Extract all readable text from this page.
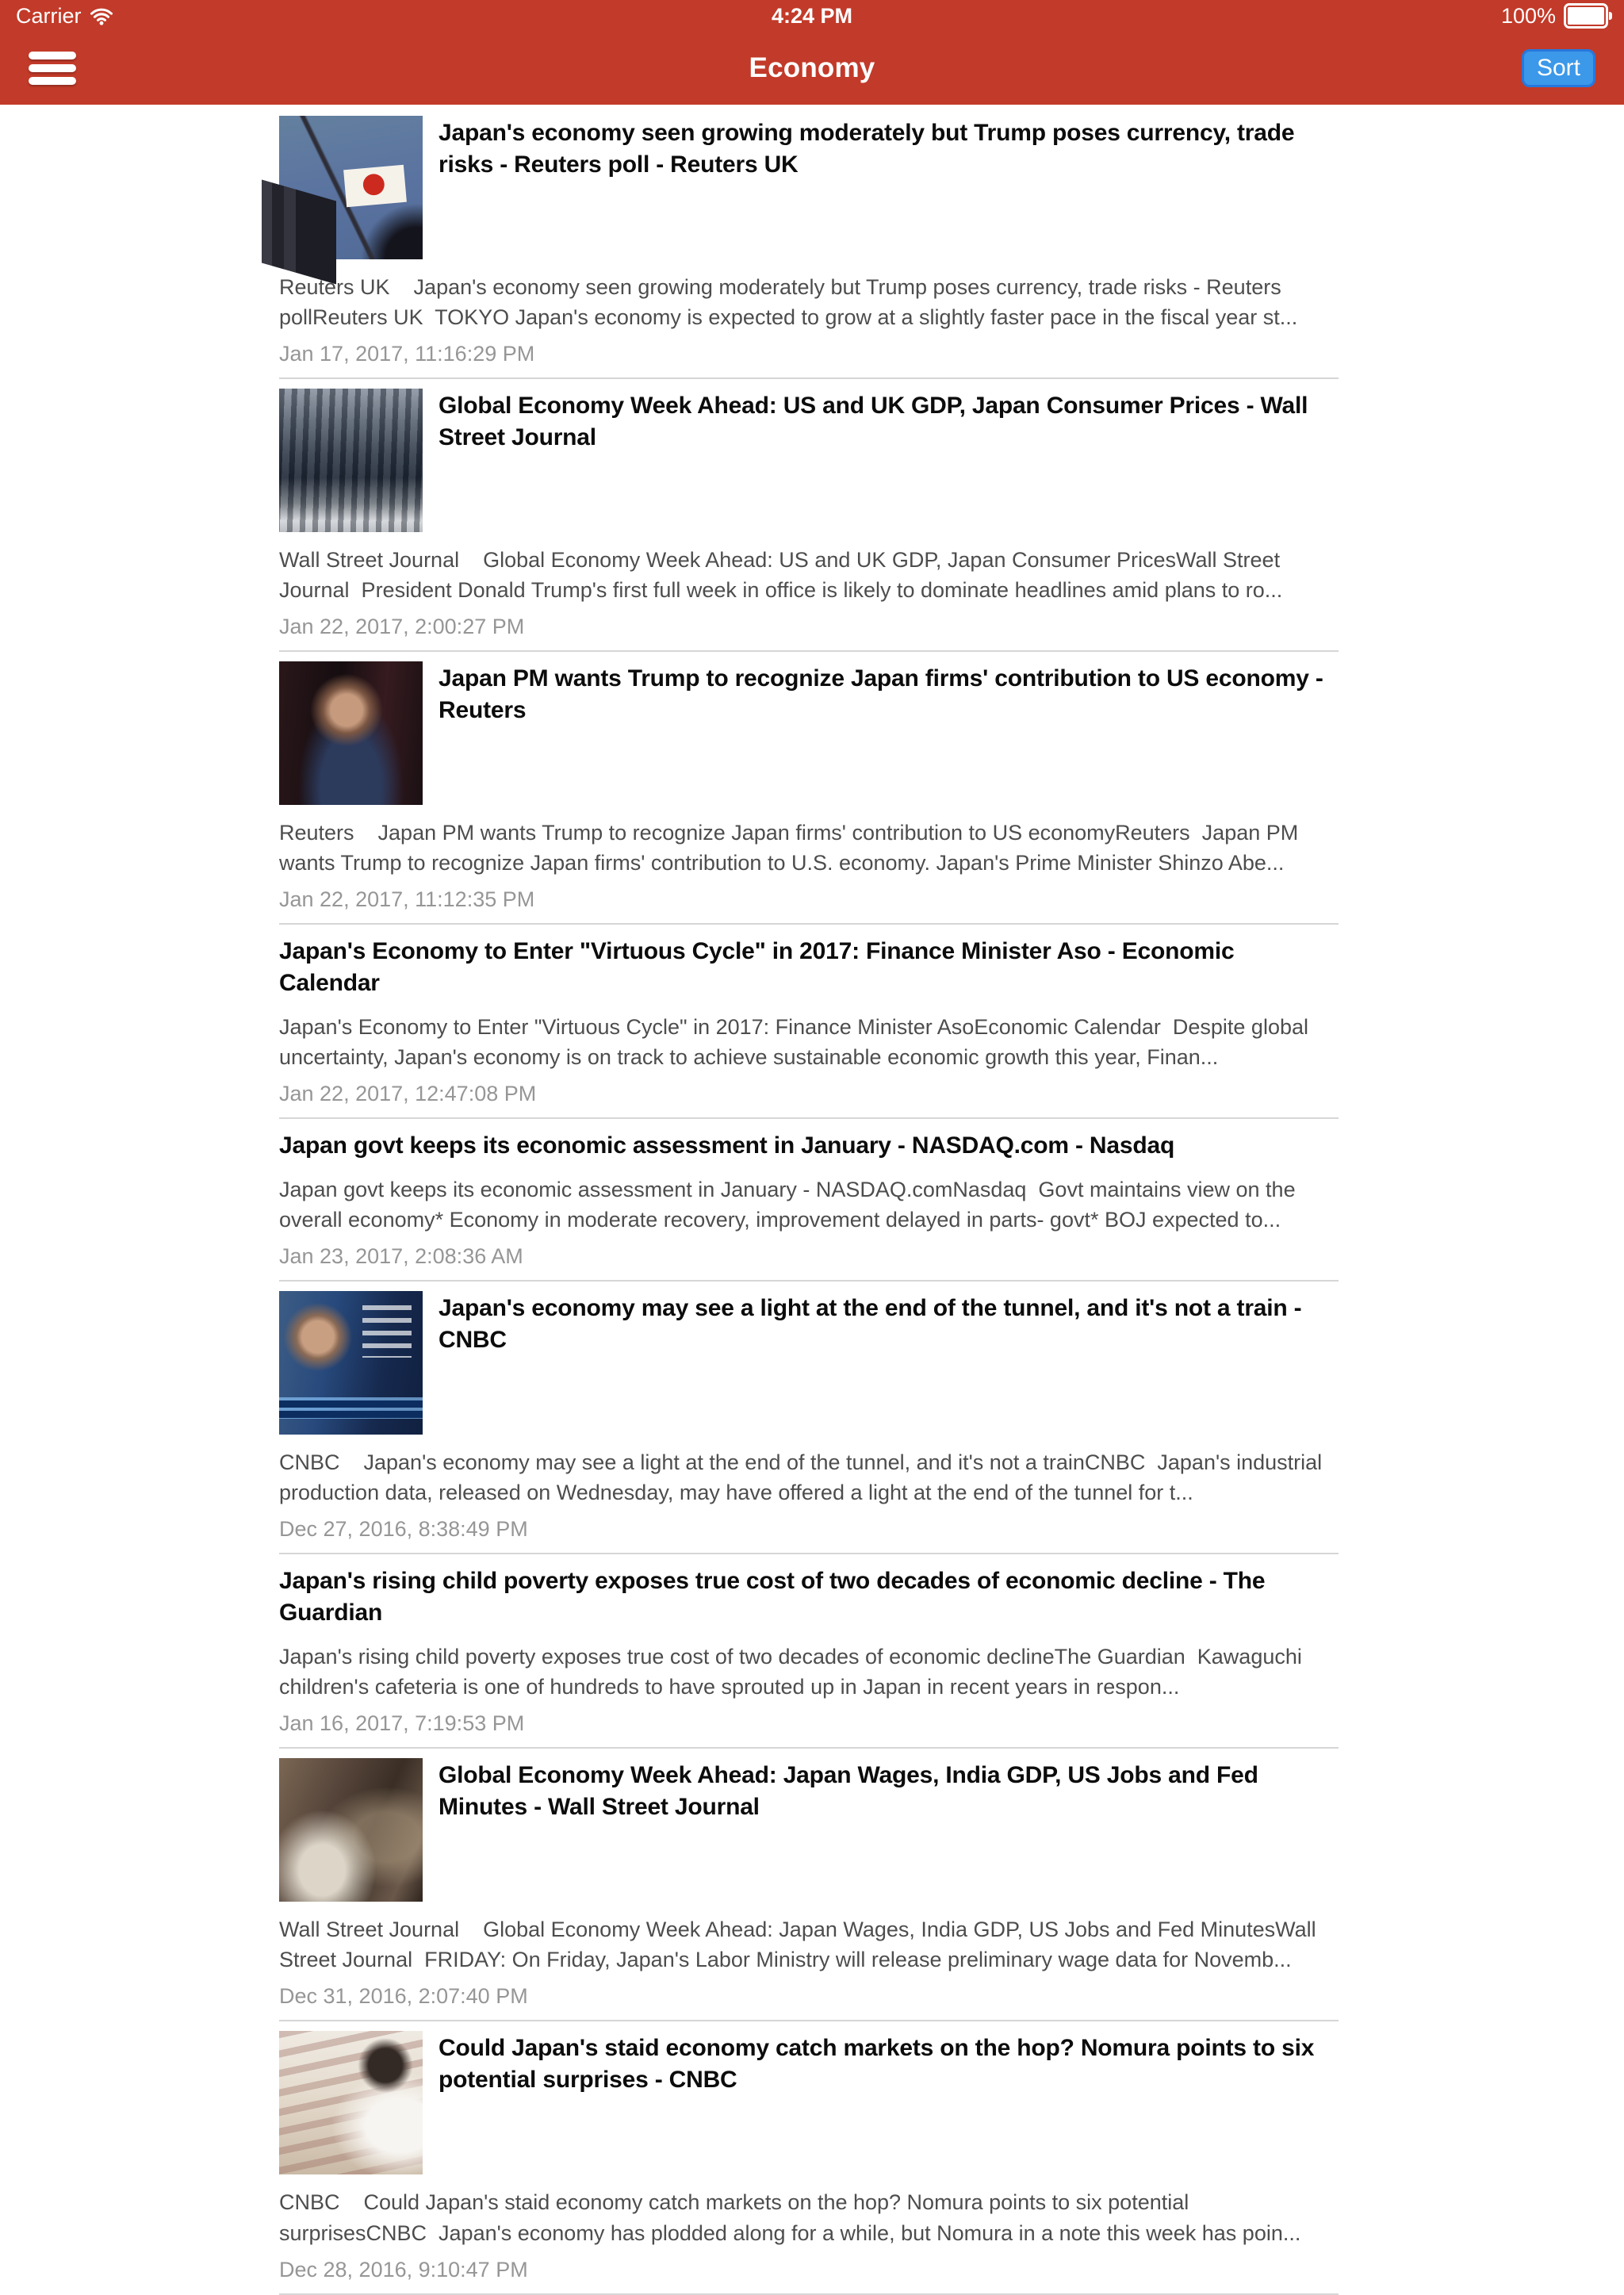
Carrier	4:24 PM	100%
Economy	Sort
Japan's economy seen growing moderately but Trump poses currency, trade risks - Reuters poll - Reuters UK

Reuters UK    Japan's economy seen growing moderately but Trump poses currency, trade risks - Reuters pollReuters UK  TOKYO Japan's economy is expected to grow at a slightly faster pace in the fiscal year st...

Jan 17, 2017, 11:16:29 PM
Global Economy Week Ahead: US and UK GDP, Japan Consumer Prices - Wall Street Journal

Wall Street Journal    Global Economy Week Ahead: US and UK GDP, Japan Consumer PricesWall Street Journal  President Donald Trump's first full week in office is likely to dominate headlines amid plans to ro...

Jan 22, 2017, 2:00:27 PM
Japan PM wants Trump to recognize Japan firms' contribution to US economy - Reuters

Reuters    Japan PM wants Trump to recognize Japan firms' contribution to US economyReuters  Japan PM wants Trump to recognize Japan firms' contribution to U.S. economy. Japan's Prime Minister Shinzo Abe...

Jan 22, 2017, 11:12:35 PM
Japan's Economy to Enter "Virtuous Cycle" in 2017: Finance Minister Aso - Economic Calendar

Japan's Economy to Enter "Virtuous Cycle" in 2017: Finance Minister AsoEconomic Calendar  Despite global uncertainty, Japan's economy is on track to achieve sustainable economic growth this year, Finan...

Jan 22, 2017, 12:47:08 PM
Japan govt keeps its economic assessment in January - NASDAQ.com - Nasdaq

Japan govt keeps its economic assessment in January - NASDAQ.comNasdaq  Govt maintains view on the overall economy* Economy in moderate recovery, improvement delayed in parts- govt* BOJ expected to...

Jan 23, 2017, 2:08:36 AM
Japan's economy may see a light at the end of the tunnel, and it's not a train - CNBC

CNBC    Japan's economy may see a light at the end of the tunnel, and it's not a trainCNBC  Japan's industrial production data, released on Wednesday, may have offered a light at the end of the tunnel for t...

Dec 27, 2016, 8:38:49 PM
Japan's rising child poverty exposes true cost of two decades of economic decline - The Guardian

Japan's rising child poverty exposes true cost of two decades of economic declineThe Guardian  Kawaguchi children's cafeteria is one of hundreds to have sprouted up in Japan in recent years in respon...

Jan 16, 2017, 7:19:53 PM
Global Economy Week Ahead: Japan Wages, India GDP, US Jobs and Fed Minutes - Wall Street Journal

Wall Street Journal    Global Economy Week Ahead: Japan Wages, India GDP, US Jobs and Fed MinutesWall Street Journal  FRIDAY: On Friday, Japan's Labor Ministry will release preliminary wage data for Novemb...

Dec 31, 2016, 2:07:40 PM
Could Japan's staid economy catch markets on the hop? Nomura points to six potential surprises - CNBC

CNBC    Could Japan's staid economy catch markets on the hop? Nomura points to six potential surprisesCNBC  Japan's economy has plodded along for a while, but Nomura in a note this week has poin...

Dec 28, 2016, 9:10:47 PM
